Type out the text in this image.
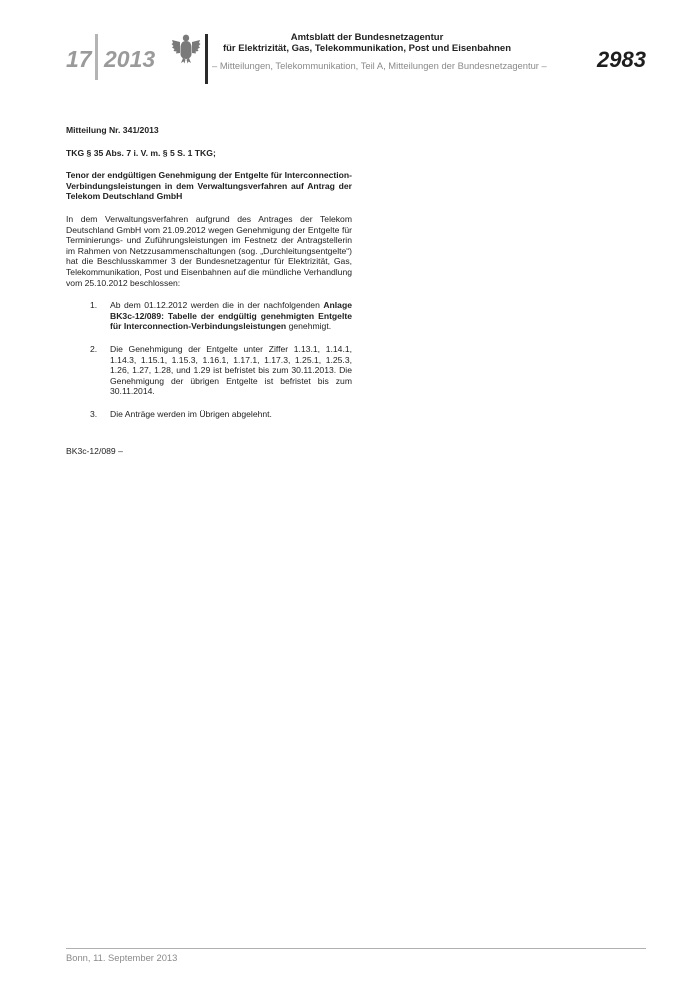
17 2013
Amtsblatt der Bundesnetzagentur
für Elektrizität, Gas, Telekommunikation, Post und Eisenbahnen
– Mitteilungen, Telekommunikation, Teil A, Mitteilungen der Bundesnetzagentur –	2983

Mitteilung Nr. 341/2013

TKG § 35 Abs. 7 i. V. m. § 5 S. 1 TKG;

Tenor der endgültigen Genehmigung der Entgelte für Interconnection-Verbindungsleistungen in dem Verwaltungsverfahren auf Antrag der Telekom Deutschland GmbH

In dem Verwaltungsverfahren aufgrund des Antrages der Telekom Deutschland GmbH vom 21.09.2012 wegen Genehmigung der Entgelte für Terminierungs- und Zuführungsleistungen im Festnetz der Antragstellerin im Rahmen von Netzzusammenschaltungen (sog. „Durchleitungsentgelte“) hat die Beschlusskammer 3 der Bundesnetzagentur für Elektrizität, Gas, Telekommunikation, Post und Eisenbahnen auf die mündliche Verhandlung vom 25.10.2012 beschlossen:

1. Ab dem 01.12.2012 werden die in der nachfolgenden Anlage BK3c-12/089: Tabelle der endgültig genehmigten Entgelte für Interconnection-Verbindungsleistungen genehmigt.
2. Die Genehmigung der Entgelte unter Ziffer 1.13.1, 1.14.1, 1.14.3, 1.15.1, 1.15.3, 1.16.1, 1.17.1, 1.17.3, 1.25.1, 1.25.3, 1.26, 1.27, 1.28, und 1.29 ist befristet bis zum 30.11.2013. Die Genehmigung der übrigen Entgelte ist befristet bis zum 30.11.2014.
3. Die Anträge werden im Übrigen abgelehnt.
BK3c-12/089 –
Bonn, 11. September 2013
